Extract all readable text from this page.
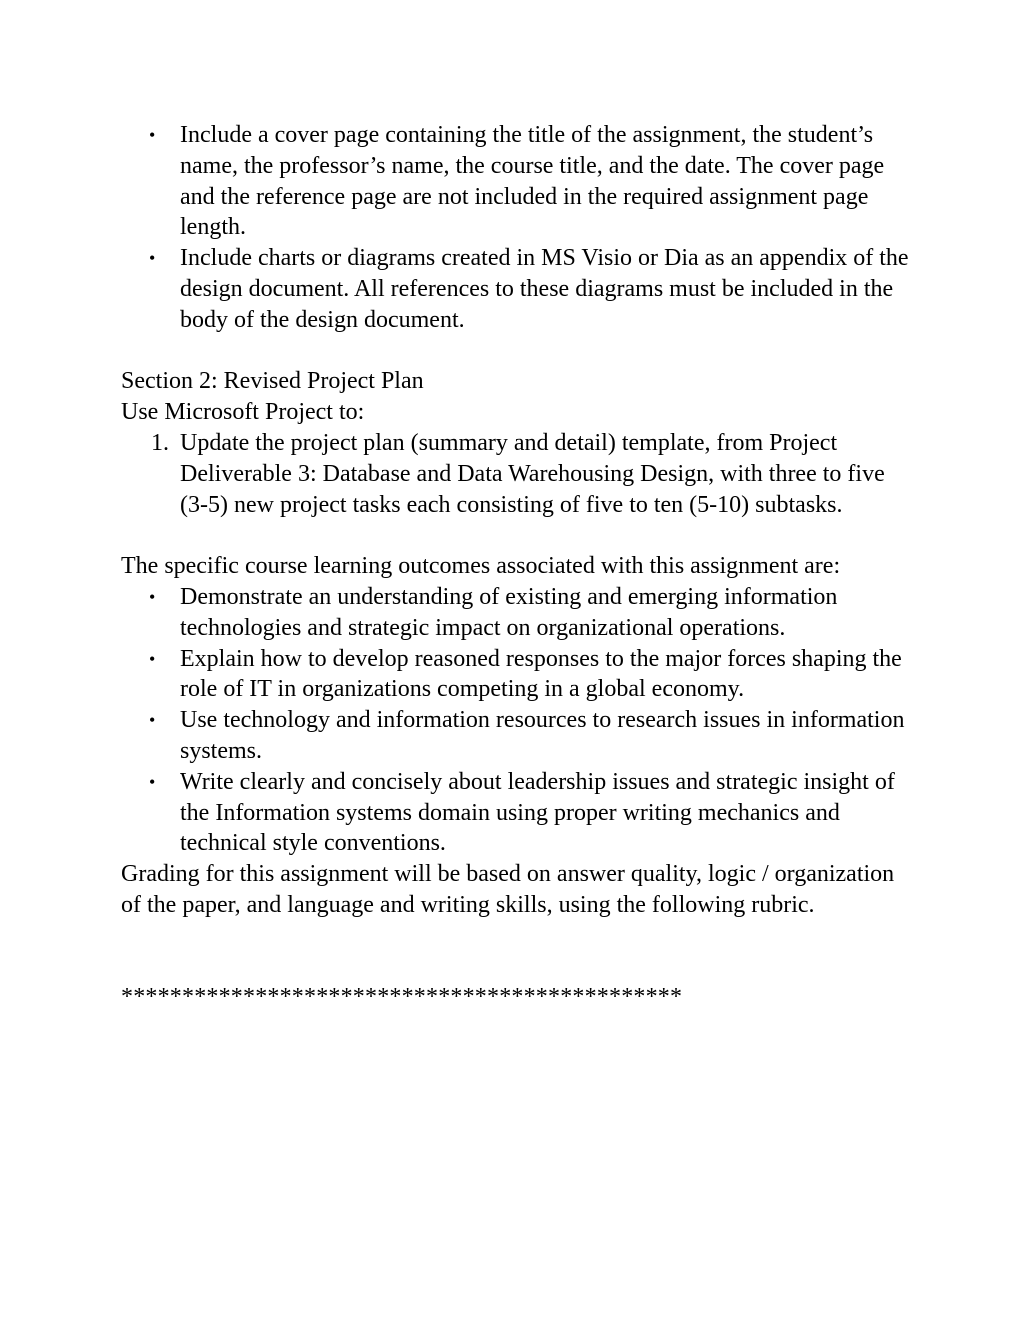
• Include a cover page containing the title of the assignment, the student’s name, the professor’s name, the course title, and the date. The cover page and the reference page are not included in the required assignment page length.
• Include charts or diagrams created in MS Visio or Dia as an appendix of the design document. All references to these diagrams must be included in the body of the design document.

Section 2: Revised Project Plan

Use Microsoft Project to:

1. Update the project plan (summary and detail) template, from Project Deliverable 3: Database and Data Warehousing Design, with three to five (3-5) new project tasks each consisting of five to ten (5-10) subtasks.

The specific course learning outcomes associated with this assignment are:

• Demonstrate an understanding of existing and emerging information technologies and strategic impact on organizational operations.
• Explain how to develop reasoned responses to the major forces shaping the role of IT in organizations competing in a global economy.
• Use technology and information resources to research issues in information systems.
• Write clearly and concisely about leadership issues and strategic insight of the Information systems domain using proper writing mechanics and technical style conventions.

Grading for this assignment will be based on answer quality, logic / organization of the paper, and language and writing skills, using the following rubric.

**********************************************
